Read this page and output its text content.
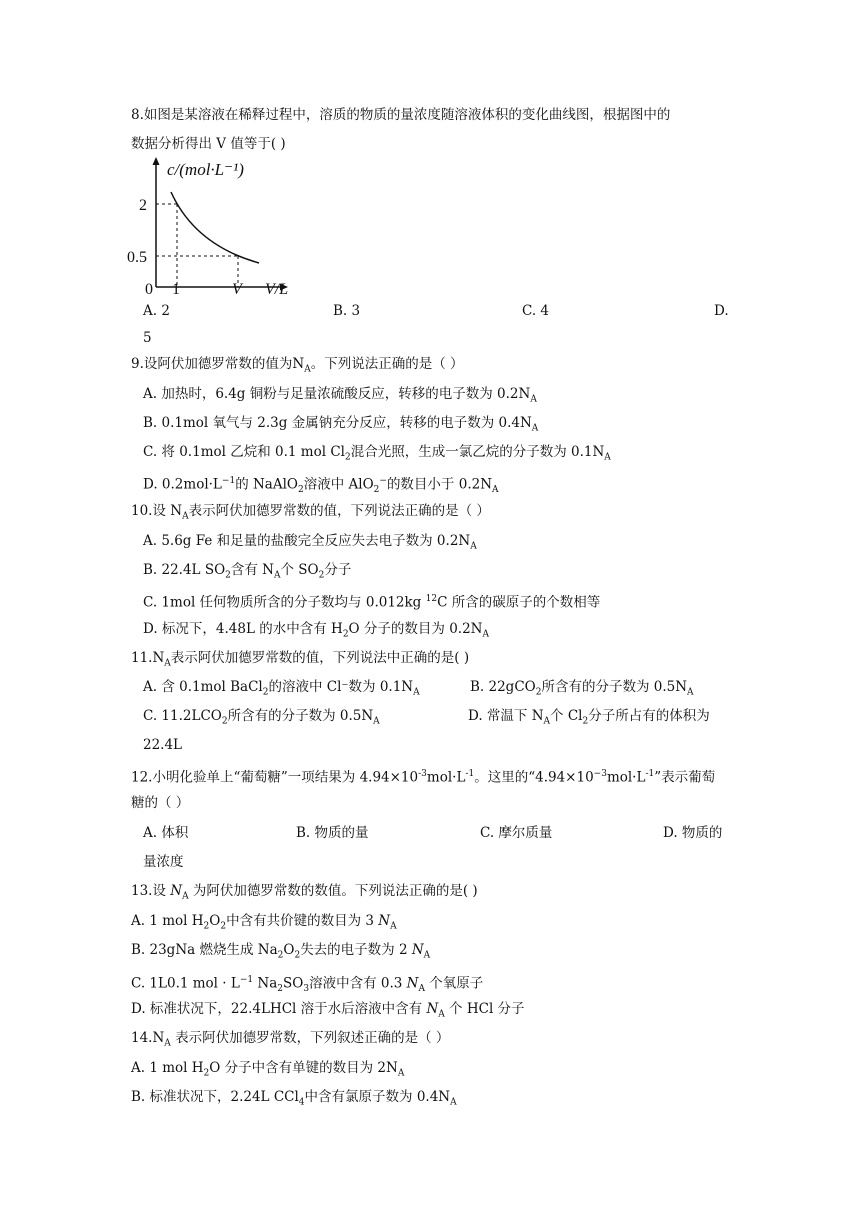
8.如图是某溶液在稀释过程中，溶质的物质的量浓度随溶液体积的变化曲线图，根据图中的
数据分析得出 V 值等于( )
c/(mol·L⁻¹)
2
0.5
0 1	V V/L
A. 2	B. 3	C. 4	D.
5
9.设阿伏加德罗常数的值为$N_A$。下列说法正确的是（ ）
A. 加热时，6.4g 铜粉与足量浓硫酸反应，转移的电子数为 $0.2N_A$
B. 0.1mol 氧气与 2.3g 金属钠充分反应，转移的电子数为 $0.4N_A$
C. 将 0.1mol 乙烷和 0.1 mol $Cl_2$混合光照，生成一氯乙烷的分子数为 $0.1N_A$
D. $0.2mol\cdot L^{-1}$的 NaAlO$_2$溶液中 AlO$_2$−的数目小于 $0.2N_A$
10.设 $N_A$表示阿伏加德罗常数的值，下列说法正确的是（ ）
A. 5.6g Fe 和足量的盐酸完全反应失去电子数为 $0.2N_A$
B. 22.4L $SO_2$含有 $N_A$个 $SO_2$分子
C. 1mol 任何物质所含的分子数均与 0.012kg $^{12}$C 所含的碳原子的个数相等
D. 标况下，4.48L 的水中含有 $H_2O$ 分子的数目为 $0.2N_A$
$11.N_A$表示阿伏加德罗常数的值，下列说法中正确的是( )
A. 含 0.1mol BaCl$_2$的溶液中 Cl⁻数为 $0.1N_A$	B. 22gCO$_2$所含有的分子数为 $0.5N_A$
C. $11.2LCO_2$所含有的分子数为 $0.5N_A$	D. 常温下 $N_A$个 $Cl_2$分子所占有的体积为
22.4L
12.小明化验单上“葡萄糖”一项结果为 $4.94\times 10^{-3}mol\cdot L^{-1}$。这里的“$4.94\times 10^{-3}mol\cdot L^{-1}$”表示葡萄
糖的（ ）
A. 体积	B. 物质的量	C. 摩尔质量	D. 物质的
量浓度
13.设 $N_A$ 为阿伏加德罗常数的数值。下列说法正确的是( )
A. 1 mol $H_2O_2$中含有共价键的数目为 3 $N_A$
B. 23gNa 燃烧生成 $Na_2O_2$失去的电子数为 2 $N_A$
C. 1L0.1 mol · $L^{-1}$ $Na_2SO_3$溶液中含有 0.3 $N_A$ 个氧原子
D. 标准状况下，22.4LHCl 溶于水后溶液中含有 $N_A$ 个 HCl 分子
$14.N_A$ 表示阿伏加德罗常数，下列叙述正确的是（ ）
A. 1 mol $H_2O$ 分子中含有单键的数目为 $2N_A$
B. 标准状况下，2.24L CCl$_4$中含有氯原子数为 $0.4N_A$
